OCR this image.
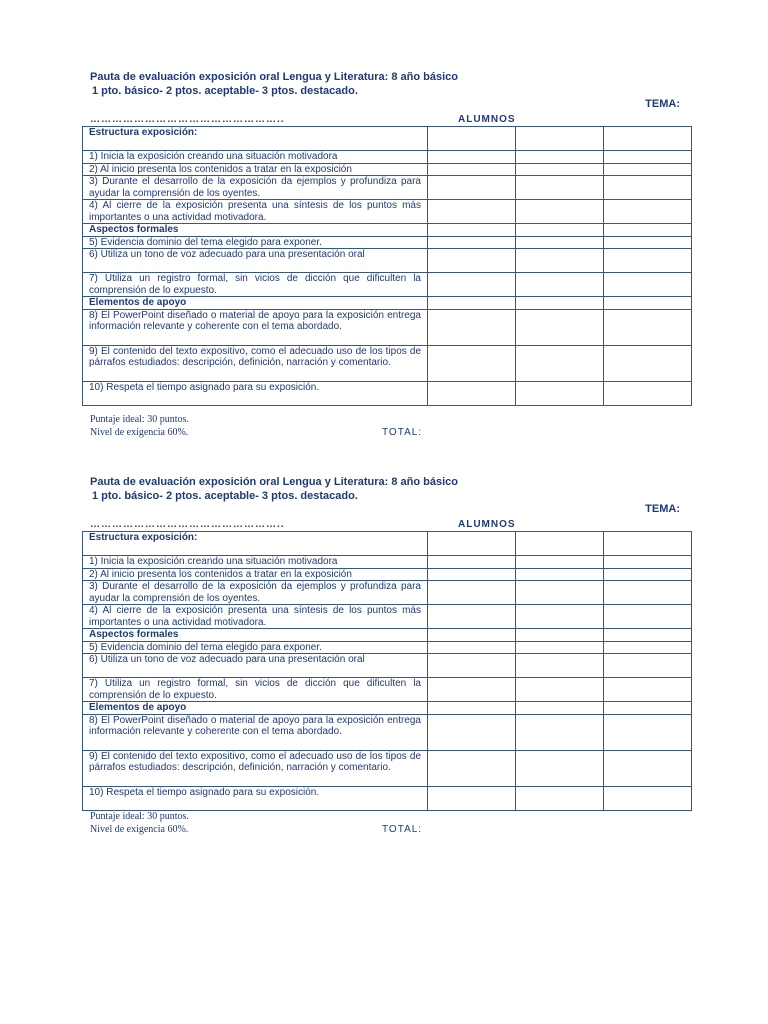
Pauta de evaluación exposición oral Lengua y Literatura: 8 año básico
1 pto. básico- 2 ptos. aceptable- 3 ptos. destacado.
TEMA:
……………………………………………..	ALUMNOS
Estructura exposición:			
1) Inicia la exposición creando una situación motivadora			
2) Al inicio presenta los contenidos a tratar en la exposición			
3) Durante el desarrollo de la exposición da ejemplos y profundiza para ayudar la comprensión de los oyentes.			
4) Al cierre de la exposición presenta una síntesis de los puntos más importantes o una actividad motivadora.			
Aspectos formales			
5) Evidencia dominio del tema elegido para exponer.			
6) Utiliza un tono de voz adecuado para una presentación oral			
7) Utiliza un registro formal, sin vicios de dicción que dificulten la comprensión de lo expuesto.			
Elementos de apoyo			
8) El PowerPoint diseñado o material de apoyo para la exposición entrega información relevante y coherente con el tema abordado.			
9) El contenido del texto expositivo, como el adecuado uso de los tipos de párrafos estudiados: descripción, definición, narración y comentario.			
10) Respeta el tiempo asignado para su exposición.			
Puntaje ideal: 30 puntos.
Nivel de exigencia 60%.	TOTAL:
Pauta de evaluación exposición oral Lengua y Literatura: 8 año básico
1 pto. básico- 2 ptos. aceptable- 3 ptos. destacado.
TEMA:
……………………………………………..	ALUMNOS
Estructura exposición:			
1) Inicia la exposición creando una situación motivadora			
2) Al inicio presenta los contenidos a tratar en la exposición			
3) Durante el desarrollo de la exposición da ejemplos y profundiza para ayudar la comprensión de los oyentes.			
4) Al cierre de la exposición presenta una síntesis de los puntos más importantes o una actividad motivadora.			
Aspectos formales			
5) Evidencia dominio del tema elegido para exponer.			
6) Utiliza un tono de voz adecuado para una presentación oral			
7) Utiliza un registro formal, sin vicios de dicción que dificulten la comprensión de lo expuesto.			
Elementos de apoyo			
8) El PowerPoint diseñado o material de apoyo para la exposición entrega información relevante y coherente con el tema abordado.			
9) El contenido del texto expositivo, como el adecuado uso de los tipos de párrafos estudiados: descripción, definición, narración y comentario.			
10) Respeta el tiempo asignado para su exposición.			
Puntaje ideal: 30 puntos.
Nivel de exigencia 60%.	TOTAL:
